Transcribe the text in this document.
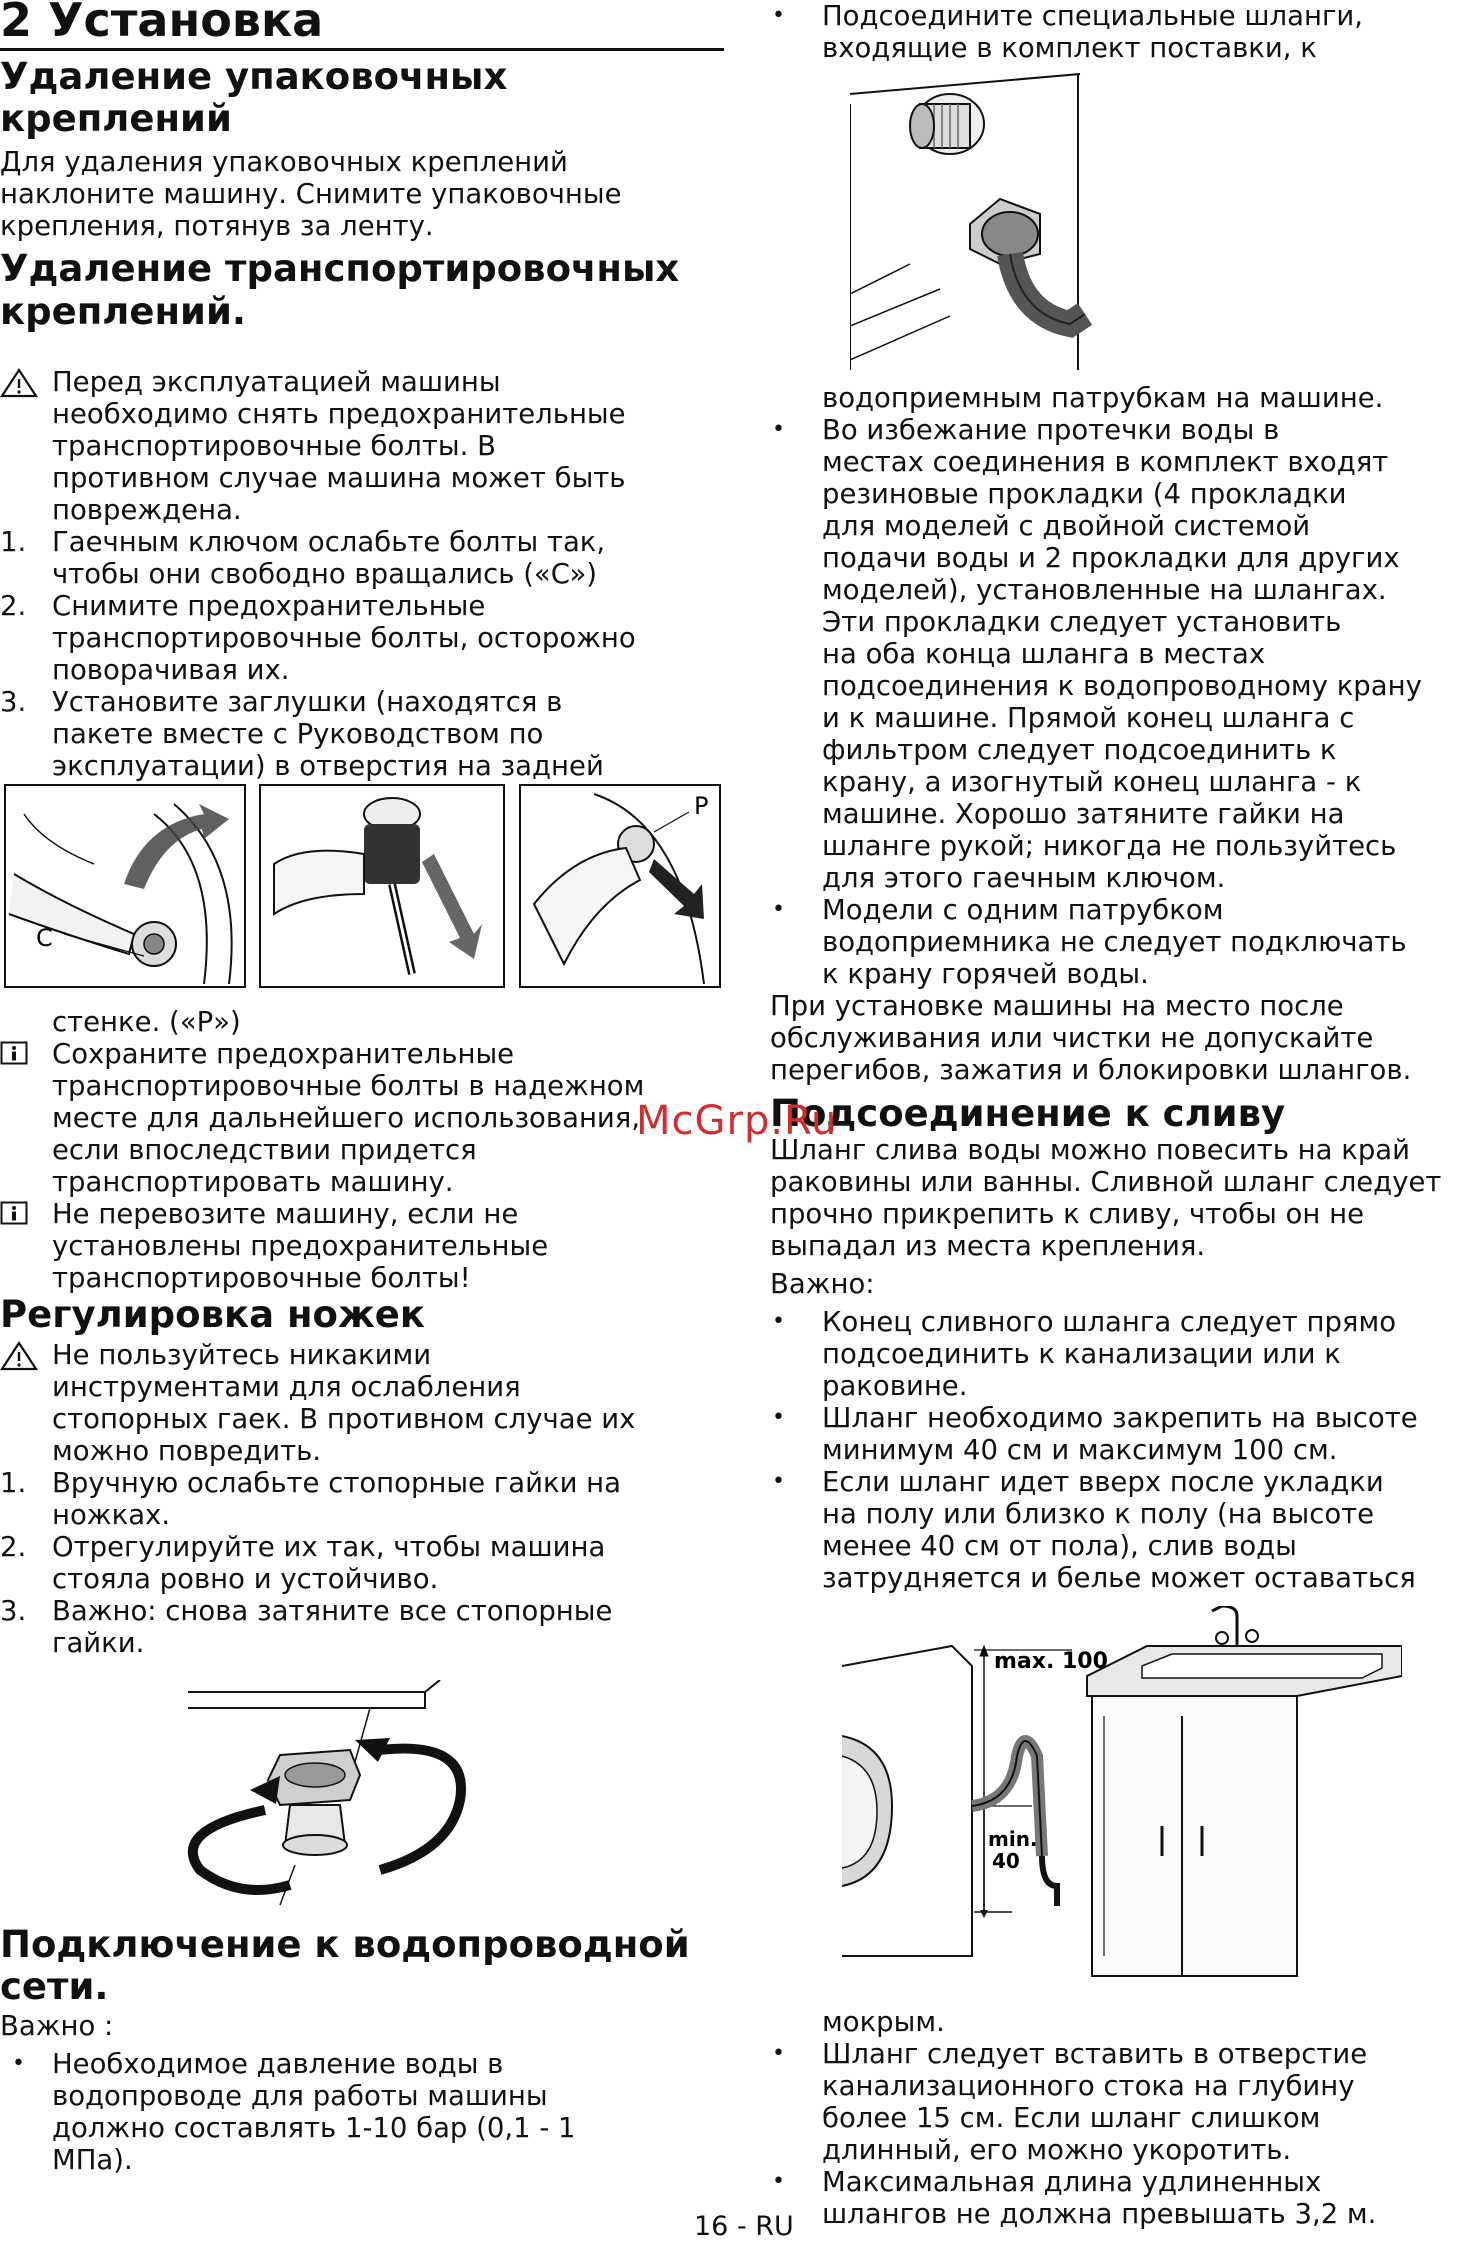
2 Установка
Удаление упаковочных
креплений
Для удаления упаковочных креплений
наклоните машину. Снимите упаковочные
крепления, потянув за ленту.
Удаление транспортировочных
креплений.
Перед эксплуатацией машины
необходимо снять предохранительные
транспортировочные болты. В
противном случае машина может быть
повреждена.
1. Гаечным ключом ослабьте болты так,
чтобы они свободно вращались («C»)
2. Снимите предохранительные
транспортировочные болты, осторожно
поворачивая их.
3. Установите заглушки (находятся в
пакете вместе с Руководством по
эксплуатации) в отверстия на задней
C
P
стенке. («P»)
Сохраните предохранительные
транспортировочные болты в надежном
месте для дальнейшего использования,
если впоследствии придется
транспортировать машину.
Не перевозите машину, если не
установлены предохранительные
транспортировочные болты!
Регулировка ножек
Не пользуйтесь никакими
инструментами для ослабления
стопорных гаек. В противном случае их
можно повредить.
1. Вручную ослабьте стопорные гайки на
ножках.
2. Отрегулируйте их так, чтобы машина
стояла ровно и устойчиво.
3. Важно: снова затяните все стопорные
гайки.
Подключение к водопроводной
сети.
Важно :
• Необходимое давление воды в
водопроводе для работы машины
должно составлять 1-10 бар (0,1 - 1
МПа).
•	Подсоедините специальные шланги,
входящие в комплект поставки, к
водоприемным патрубкам на машине.
•	Во избежание протечки воды в
местах соединения в комплект входят
резиновые прокладки (4 прокладки
для моделей с двойной системой
подачи воды и 2 прокладки для других
моделей), установленные на шлангах.
Эти прокладки следует установить
на оба конца шланга в местах
подсоединения к водопроводному крану
и к машине. Прямой конец шланга с
фильтром следует подсоединить к
крану, а изогнутый конец шланга - к
машине. Хорошо затяните гайки на
шланге рукой; никогда не пользуйтесь
для этого гаечным ключом.
•	Модели с одним патрубком
водоприемника не следует подключать
к крану горячей воды.
При установке машины на место после
обслуживания или чистки не допускайте
перегибов, зажатия и блокировки шлангов.
Подсоединение к сливу
Шланг слива воды можно повесить на край
раковины или ванны. Сливной шланг следует
прочно прикрепить к сливу, чтобы он не
выпадал из места крепления.
Важно:
•	Конец сливного шланга следует прямо
подсоединить к канализации или к
раковине.
•	Шланг необходимо закрепить на высоте
минимум 40 см и максимум 100 см.
•	Если шланг идет вверх после укладки
на полу или близко к полу (на высоте
менее 40 см от пола), слив воды
затрудняется и белье может оставаться
max. 100
min.
40
мокрым.
•	Шланг следует вставить в отверстие
канализационного стока на глубину
более 15 см. Если шланг слишком
длинный, его можно укоротить.
•	Максимальная длина удлиненных
шлангов не должна превышать 3,2 м.
McGrp.Ru
16 - RU
